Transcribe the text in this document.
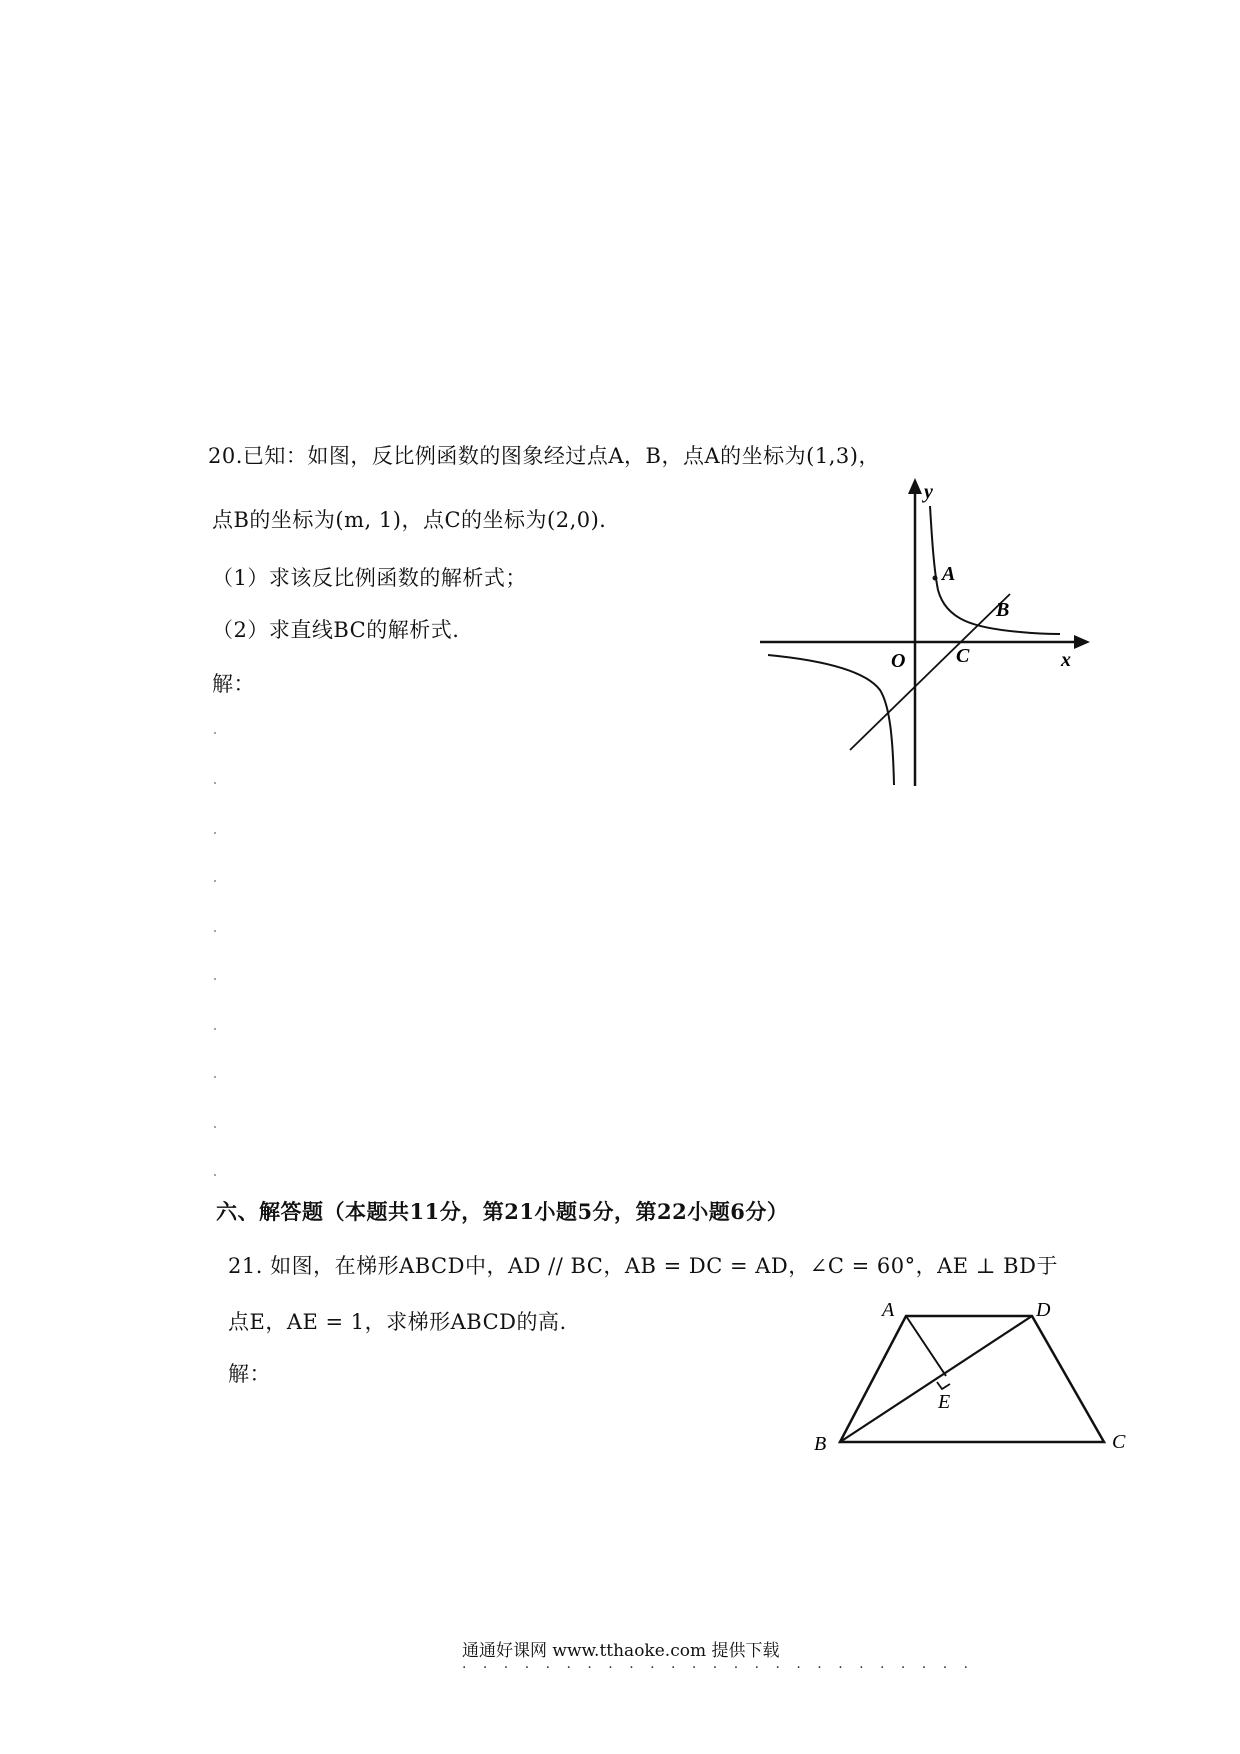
20.已知：如图，反比例函数的图象经过点A，B，点A的坐标为(1,3)，
点B的坐标为(m, 1)，点C的坐标为(2,0)．
（1）求该反比例函数的解析式；
（2）求直线BC的解析式.
解：
y
x
O
A
B
C
六、解答题（本题共11分，第21小题5分，第22小题6分）
21. 如图，在梯形ABCD中，AD // BC，AB = DC = AD，∠C = 60°，AE ⊥ BD于
点E，AE = 1，求梯形ABCD的高.
解：
A	D
E
B	C
通通好课网 www.tthaoke.com 提供下载
· · · · · · · · · · · · · · · · · · · · · · · · ·
